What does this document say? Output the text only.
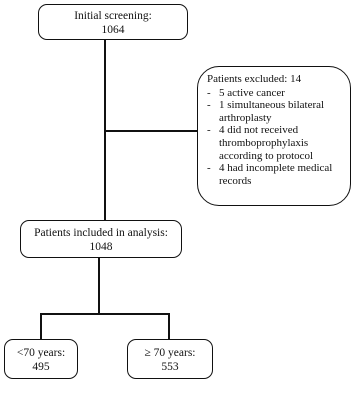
Initial screening:
1064
Patients excluded: 14
- 5 active cancer
- 1 simultaneous bilateral arthroplasty
- 4 did not received thromboprophylaxis according to protocol
- 4 had incomplete medical records
Patients included in analysis:
1048
<70 years:
495
≥ 70 years:
553
